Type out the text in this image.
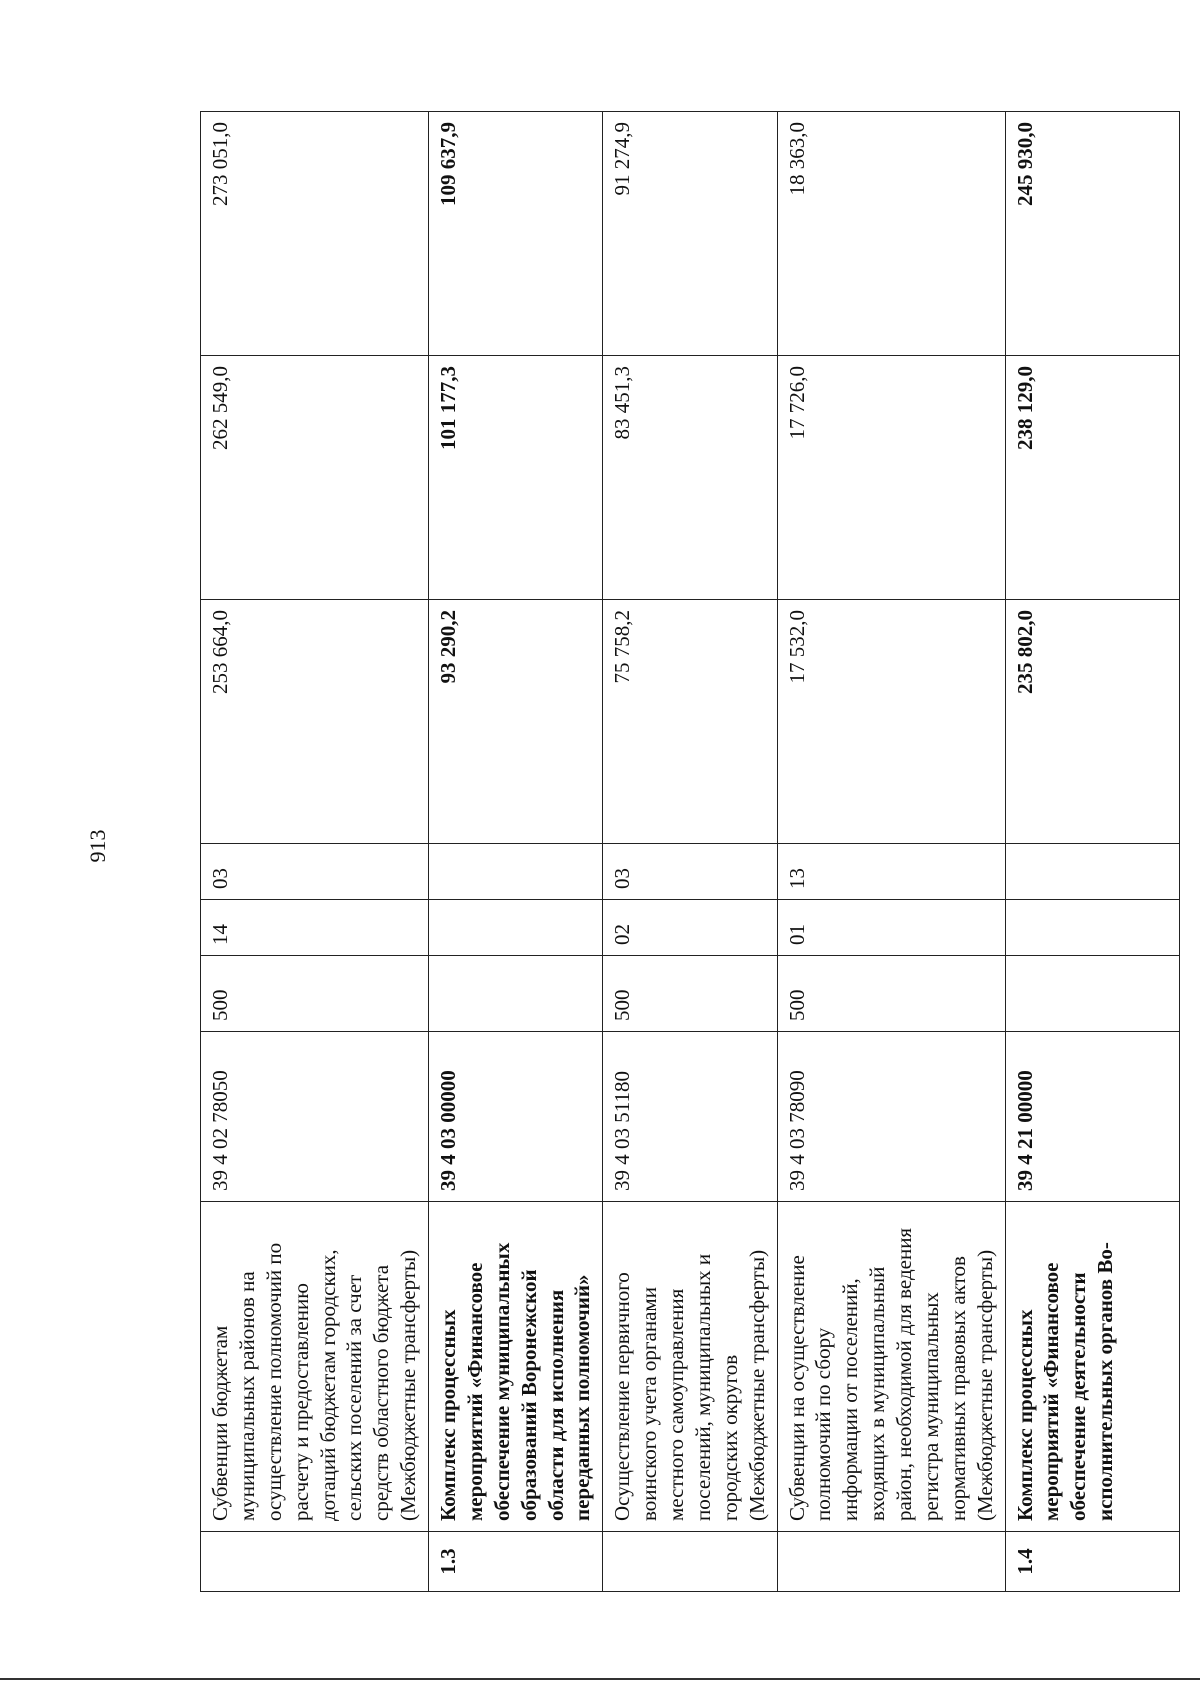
913
	Субвенции бюджетам муниципальных районов на осуществление полномочий по расчету и предоставлению дотаций бюджетам городских, сельских поселений за счет средств областного бюджета (Межбюджетные трансферты)	39 4 02 78050	500	14	03	253 664,0	262 549,0	273 051,0
1.3	Комплекс процессных мероприятий «Финансовое обеспечение муниципальных образований Воронежской области для исполнения переданных полномочий»	39 4 03 00000				93 290,2	101 177,3	109 637,9
	Осуществление первичного воинского учета органами местного самоуправления поселений, муниципальных и городских округов (Межбюджетные трансферты)	39 4 03 51180	500	02	03	75 758,2	83 451,3	91 274,9
	Субвенции на осуществление полномочий по сбору информации от поселений, входящих в муниципальный район, необходимой для ведения регистра муниципальных нормативных правовых актов (Межбюджетные трансферты)	39 4 03 78090	500	01	13	17 532,0	17 726,0	18 363,0
1.4	Комплекс процессных мероприятий «Финансовое обеспечение деятельности исполнительных органов Во-	39 4 21 00000				235 802,0	238 129,0	245 930,0
